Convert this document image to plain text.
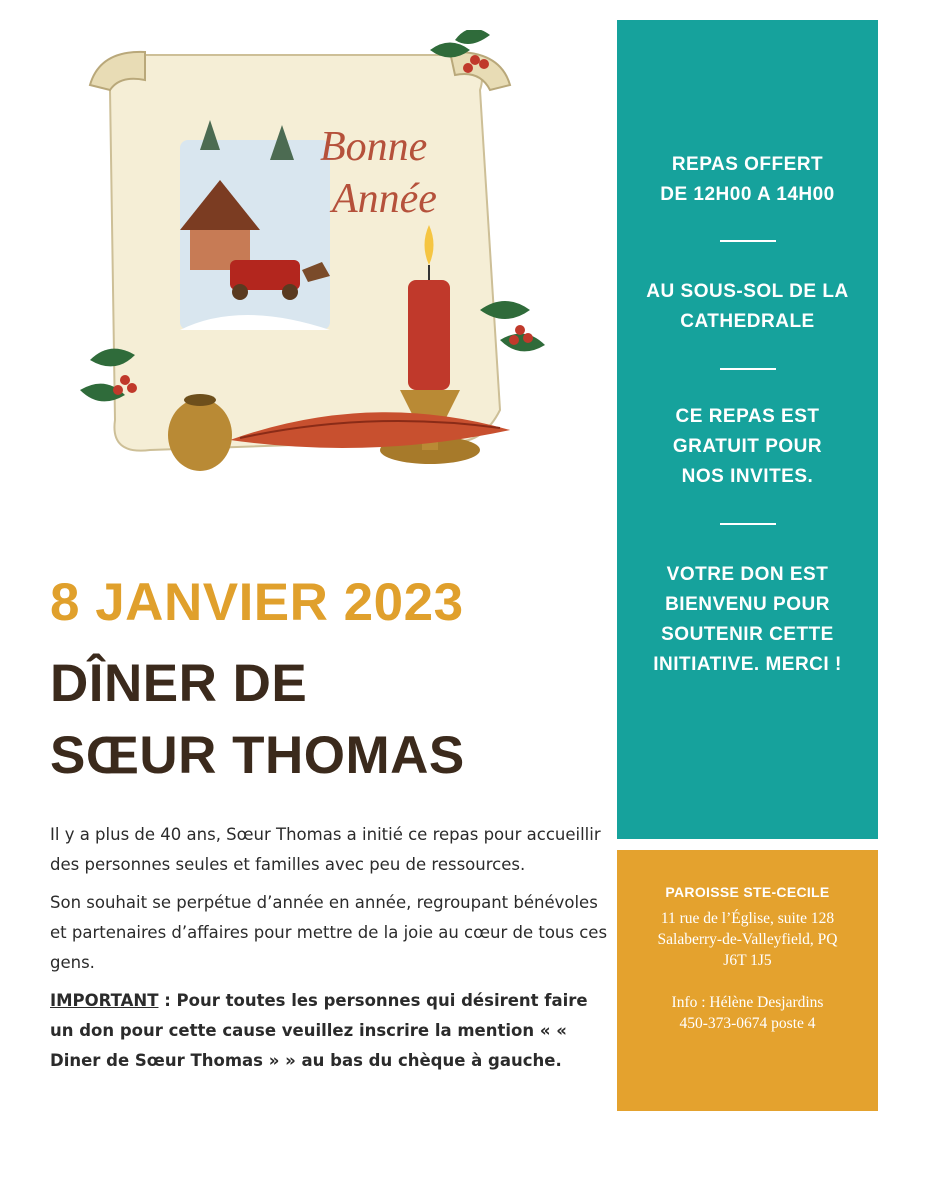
Bonne
Année
8 JANVIER 2023
DÎNER DE
SŒUR THOMAS

Il y a plus de 40 ans, Sœur Thomas a initié ce repas pour accueillir des personnes seules et familles avec peu de ressources.

Son souhait se perpétue d’année en année, regroupant bénévoles et partenaires d’affaires pour mettre de la joie au cœur de tous ces gens.

IMPORTANT : Pour toutes les personnes qui désirent faire un don pour cette cause veuillez inscrire la mention « « Diner de Sœur Thomas » » au bas du chèque à gauche.

REPAS OFFERT
DE 12H00 A 14H00
AU SOUS-SOL DE LA
CATHEDRALE
CE REPAS EST
GRATUIT POUR
NOS INVITES.
VOTRE DON EST
BIENVENU POUR
SOUTENIR CETTE
INITIATIVE. MERCI !
PAROISSE STE-CECILE
11 rue de l’Église, suite 128
Salaberry-de-Valleyfield, PQ
J6T 1J5
Info : Hélène Desjardins
450-373-0674 poste 4
